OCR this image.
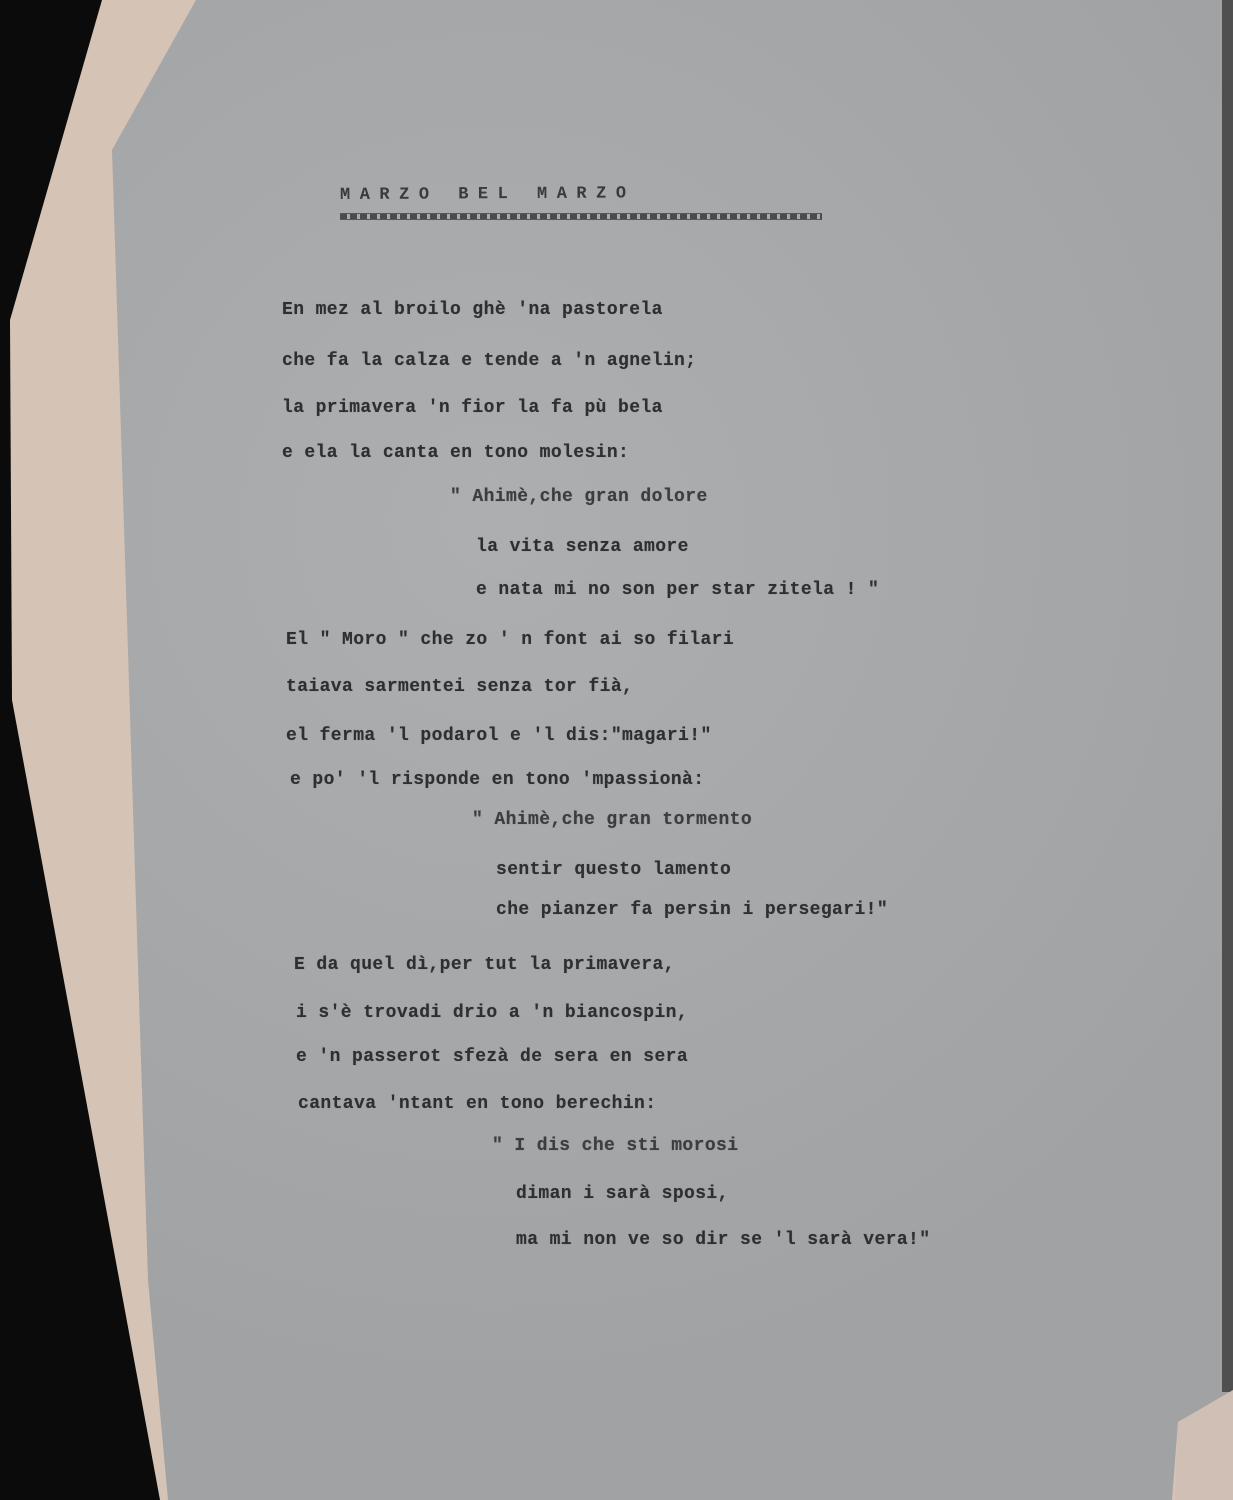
MARZO BEL MARZO
En mez al broilo ghè 'na pastorela
che fa la calza e tende a 'n agnelin;
la primavera 'n fior la fa pù bela
e ela la canta en tono molesin:
" Ahimè,che gran dolore
la vita senza amore
e nata mi no son per star zitela ! "
El " Moro " che zo ' n font ai so filari
taiava sarmentei senza tor fià,
el ferma 'l podarol e 'l dis:"magari!"
e po' 'l risponde en tono 'mpassionà:
" Ahimè,che gran tormento
sentir questo lamento
che pianzer fa persin i persegari!"
E da quel dì,per tut la primavera,
i s'è trovadi drio a 'n biancospin,
e 'n passerot sfezà de sera en sera
cantava 'ntant en tono berechin:
" I dis che sti morosi
diman i sarà sposi,
ma mi non ve so dir se 'l sarà vera!"
